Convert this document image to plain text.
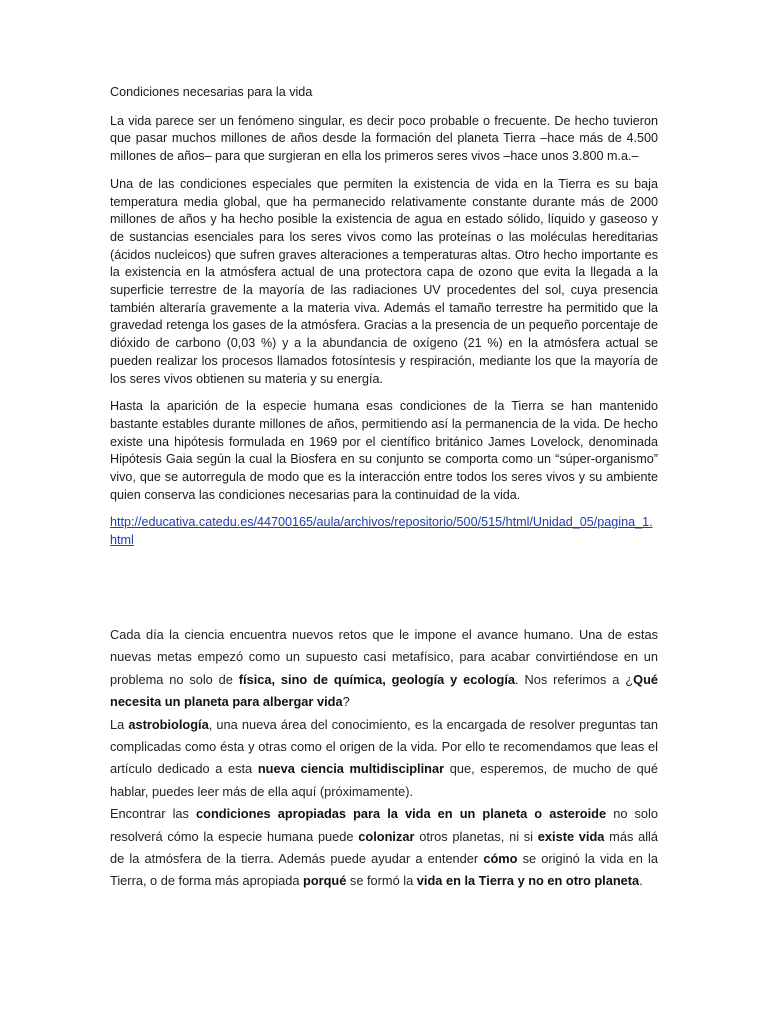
Condiciones necesarias para la vida

La vida parece ser un fenómeno singular, es decir poco probable o frecuente. De hecho tuvieron que pasar muchos millones de años desde la formación del planeta Tierra –hace más de 4.500 millones de años– para que surgieran en ella los primeros seres vivos –hace unos 3.800 m.a.–

Una de las condiciones especiales que permiten la existencia de vida en la Tierra es su baja temperatura media global, que ha permanecido relativamente constante durante más de 2000 millones de años y ha hecho posible la existencia de agua en estado sólido, líquido y gaseoso y de sustancias esenciales para los seres vivos como las proteínas o las moléculas hereditarias (ácidos nucleicos) que sufren graves alteraciones a temperaturas altas. Otro hecho importante es la existencia en la atmósfera actual de una protectora capa de ozono que evita la llegada a la superficie terrestre de la mayoría de las radiaciones UV procedentes del sol, cuya presencia también alteraría gravemente a la materia viva. Además el tamaño terrestre ha permitido que la gravedad retenga los gases de la atmósfera. Gracias a la presencia de un pequeño porcentaje de dióxido de carbono (0,03 %) y a la abundancia de oxígeno (21 %) en la atmósfera actual se pueden realizar los procesos llamados fotosíntesis y respiración, mediante los que la mayoría de los seres vivos obtienen su materia y su energía.

Hasta la aparición de la especie humana esas condiciones de la Tierra se han mantenido bastante estables durante millones de años, permitiendo así la permanencia de la vida. De hecho existe una hipótesis formulada en 1969 por el científico británico James Lovelock, denominada Hipótesis Gaia según la cual la Biosfera en su conjunto se comporta como un “súper-organismo” vivo, que se autorregula de modo que es la interacción entre todos los seres vivos y su ambiente quien conserva las condiciones necesarias para la continuidad de la vida.

http://educativa.catedu.es/44700165/aula/archivos/repositorio/500/515/html/Unidad_05/pagina_1.html

Cada día la ciencia encuentra nuevos retos que le impone el avance humano. Una de estas nuevas metas empezó como un supuesto casi metafísico, para acabar convirtiéndose en un problema no solo de física, sino de química, geología y ecología. Nos referimos a ¿Qué necesita un planeta para albergar vida?

La astrobiología, una nueva área del conocimiento, es la encargada de resolver preguntas tan complicadas como ésta y otras como el origen de la vida. Por ello te recomendamos que leas el artículo dedicado a esta nueva ciencia multidisciplinar que, esperemos, de mucho de qué hablar, puedes leer más de ella aquí (próximamente).

Encontrar las condiciones apropiadas para la vida en un planeta o asteroide no solo resolverá cómo la especie humana puede colonizar otros planetas, ni si existe vida más allá de la atmósfera de la tierra. Además puede ayudar a entender cómo se originó la vida en la Tierra, o de forma más apropiada porqué se formó la vida en la Tierra y no en otro planeta.
